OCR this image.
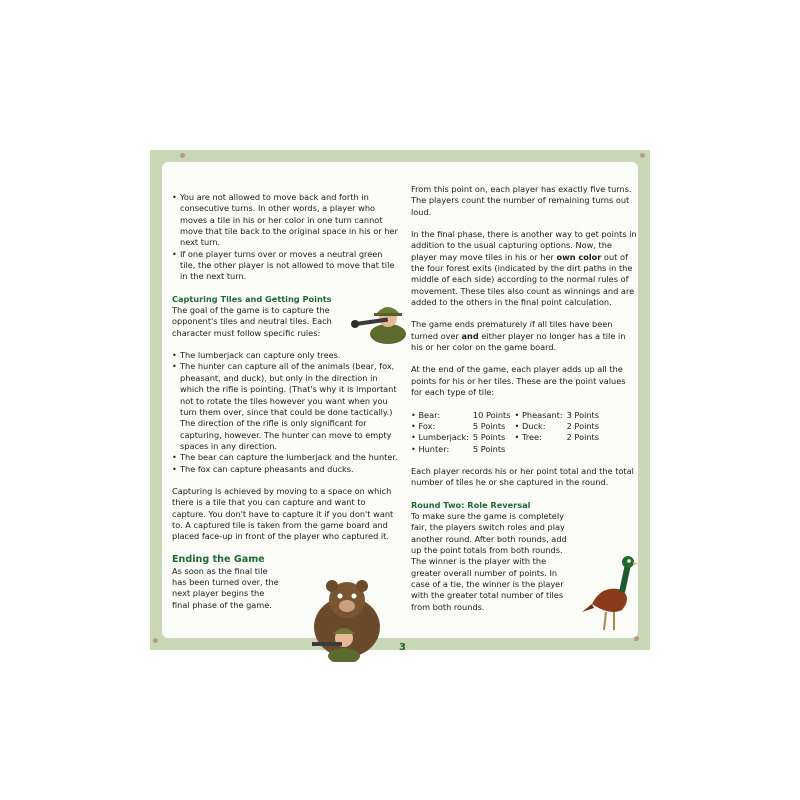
• You are not allowed to move back and forth in consecutive turns. In other words, a player who moves a tile in his or her color in one turn cannot move that tile back to the original space in his or her next turn.
• If one player turns over or moves a neutral green tile, the other player is not allowed to move that tile in the next turn.

Capturing Tiles and Getting Points

The goal of the game is to capture the opponent's tiles and neutral tiles. Each character must follow specific rules:

• The lumberjack can capture only trees.
• The hunter can capture all of the animals (bear, fox, pheasant, and duck), but only in the direction in which the rifle is pointing. (That's why it is important not to rotate the tiles however you want when you turn them over, since that could be done tactically.) The direction of the rifle is only significant for capturing, however. The hunter can move to empty spaces in any direction.
• The bear can capture the lumberjack and the hunter.
• The fox can capture pheasants and ducks.

Capturing is achieved by moving to a space on which there is a tile that you can capture and want to capture. You don't have to capture it if you don't want to. A captured tile is taken from the game board and placed face-up in front of the player who captured it.

Ending the Game

As soon as the final tile has been turned over, the next player begins the final phase of the game.

From this point on, each player has exactly five turns. The players count the number of remaining turns out loud.

In the final phase, there is another way to get points in addition to the usual capturing options. Now, the player may move tiles in his or her own color out of the four forest exits (indicated by the dirt paths in the middle of each side) according to the normal rules of movement. These tiles also count as winnings and are added to the others in the final point calculation.

The game ends prematurely if all tiles have been turned over and either player no longer has a tile in his or her color on the game board.

At the end of the game, each player adds up all the points for his or her tiles. These are the point values for each type of tile:

• Bear:	10 Points	• Pheasant:	3 Points
• Fox:	5 Points	• Duck:	2 Points
• Lumberjack:	5 Points	• Tree:	2 Points
• Hunter:	5 Points		

Each player records his or her point total and the total number of tiles he or she captured in the round.

Round Two: Role Reversal

To make sure the game is completely fair, the players switch roles and play another round. After both rounds, add up the point totals from both rounds. The winner is the player with the greater overall number of points. In case of a tie, the winner is the player with the greater total number of tiles from both rounds.

3
